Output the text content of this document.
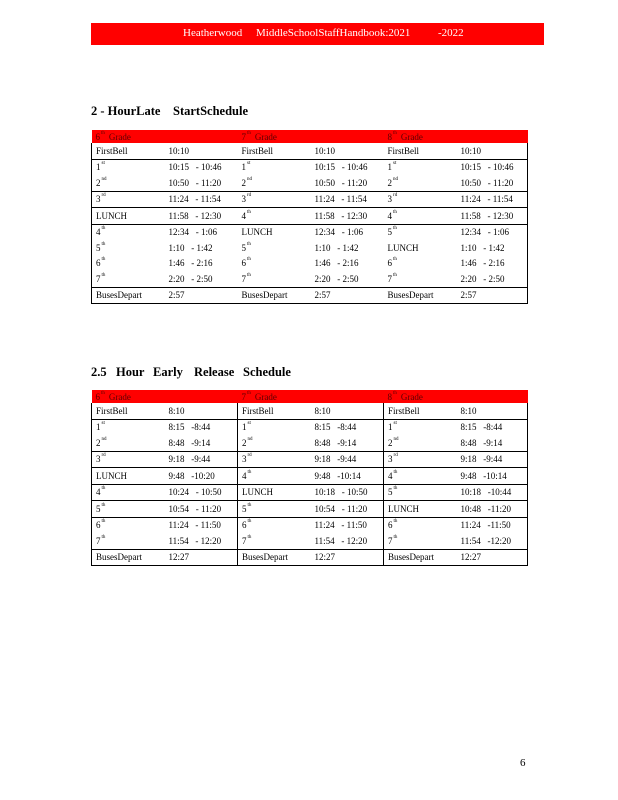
Heatherwood MiddleSchoolStaffHandbook:2021	-2022
2 - HourLate StartSchedule
6th Grade		7th Grade		8th Grade	
FirstBell	10:10	FirstBell	10:10	FirstBell	10:10
1st	10:15   - 10:46	1st	10:15   - 10:46	1st	10:15   - 10:46
2nd	10:50   - 11:20	2nd	10:50   - 11:20	2nd	10:50   - 11:20
3rd	11:24   - 11:54	3rd	11:24   - 11:54	3rd	11:24   - 11:54
LUNCH	11:58   - 12:30	4th	11:58   - 12:30	4th	11:58   - 12:30
4th	12:34   - 1:06	LUNCH	12:34   - 1:06	5th	12:34   - 1:06
5th	1:10   - 1:42	5th	1:10   - 1:42	LUNCH	1:10   - 1:42
6th	1:46   - 2:16	6th	1:46   - 2:16	6th	1:46   - 2:16
7th	2:20   - 2:50	7th	2:20   - 2:50	7th	2:20   - 2:50
BusesDepart	2:57	BusesDepart	2:57	BusesDepart	2:57
2.5 Hour Early Release Schedule
6th Grade		7th Grade		8th Grade	
FirstBell	8:10	FirstBell	8:10	FirstBell	8:10
1st	8:15   -8:44	1st	8:15   -8:44	1st	8:15   -8:44
2nd	8:48   -9:14	2nd	8:48   -9:14	2nd	8:48   -9:14
3rd	9:18   -9:44	3rd	9:18   -9:44	3rd	9:18   -9:44
LUNCH	9:48   -10:20	4th	9:48   -10:14	4th	9:48   -10:14
4th	10:24   - 10:50	LUNCH	10:18   - 10:50	5th	10:18   -10:44
5th	10:54   - 11:20	5th	10:54   - 11:20	LUNCH	10:48   -11:20
6th	11:24   - 11:50	6th	11:24   - 11:50	6th	11:24   -11:50
7th	11:54   - 12:20	7th	11:54   - 12:20	7th	11:54   -12:20
BusesDepart	12:27	BusesDepart	12:27	BusesDepart	12:27
6
